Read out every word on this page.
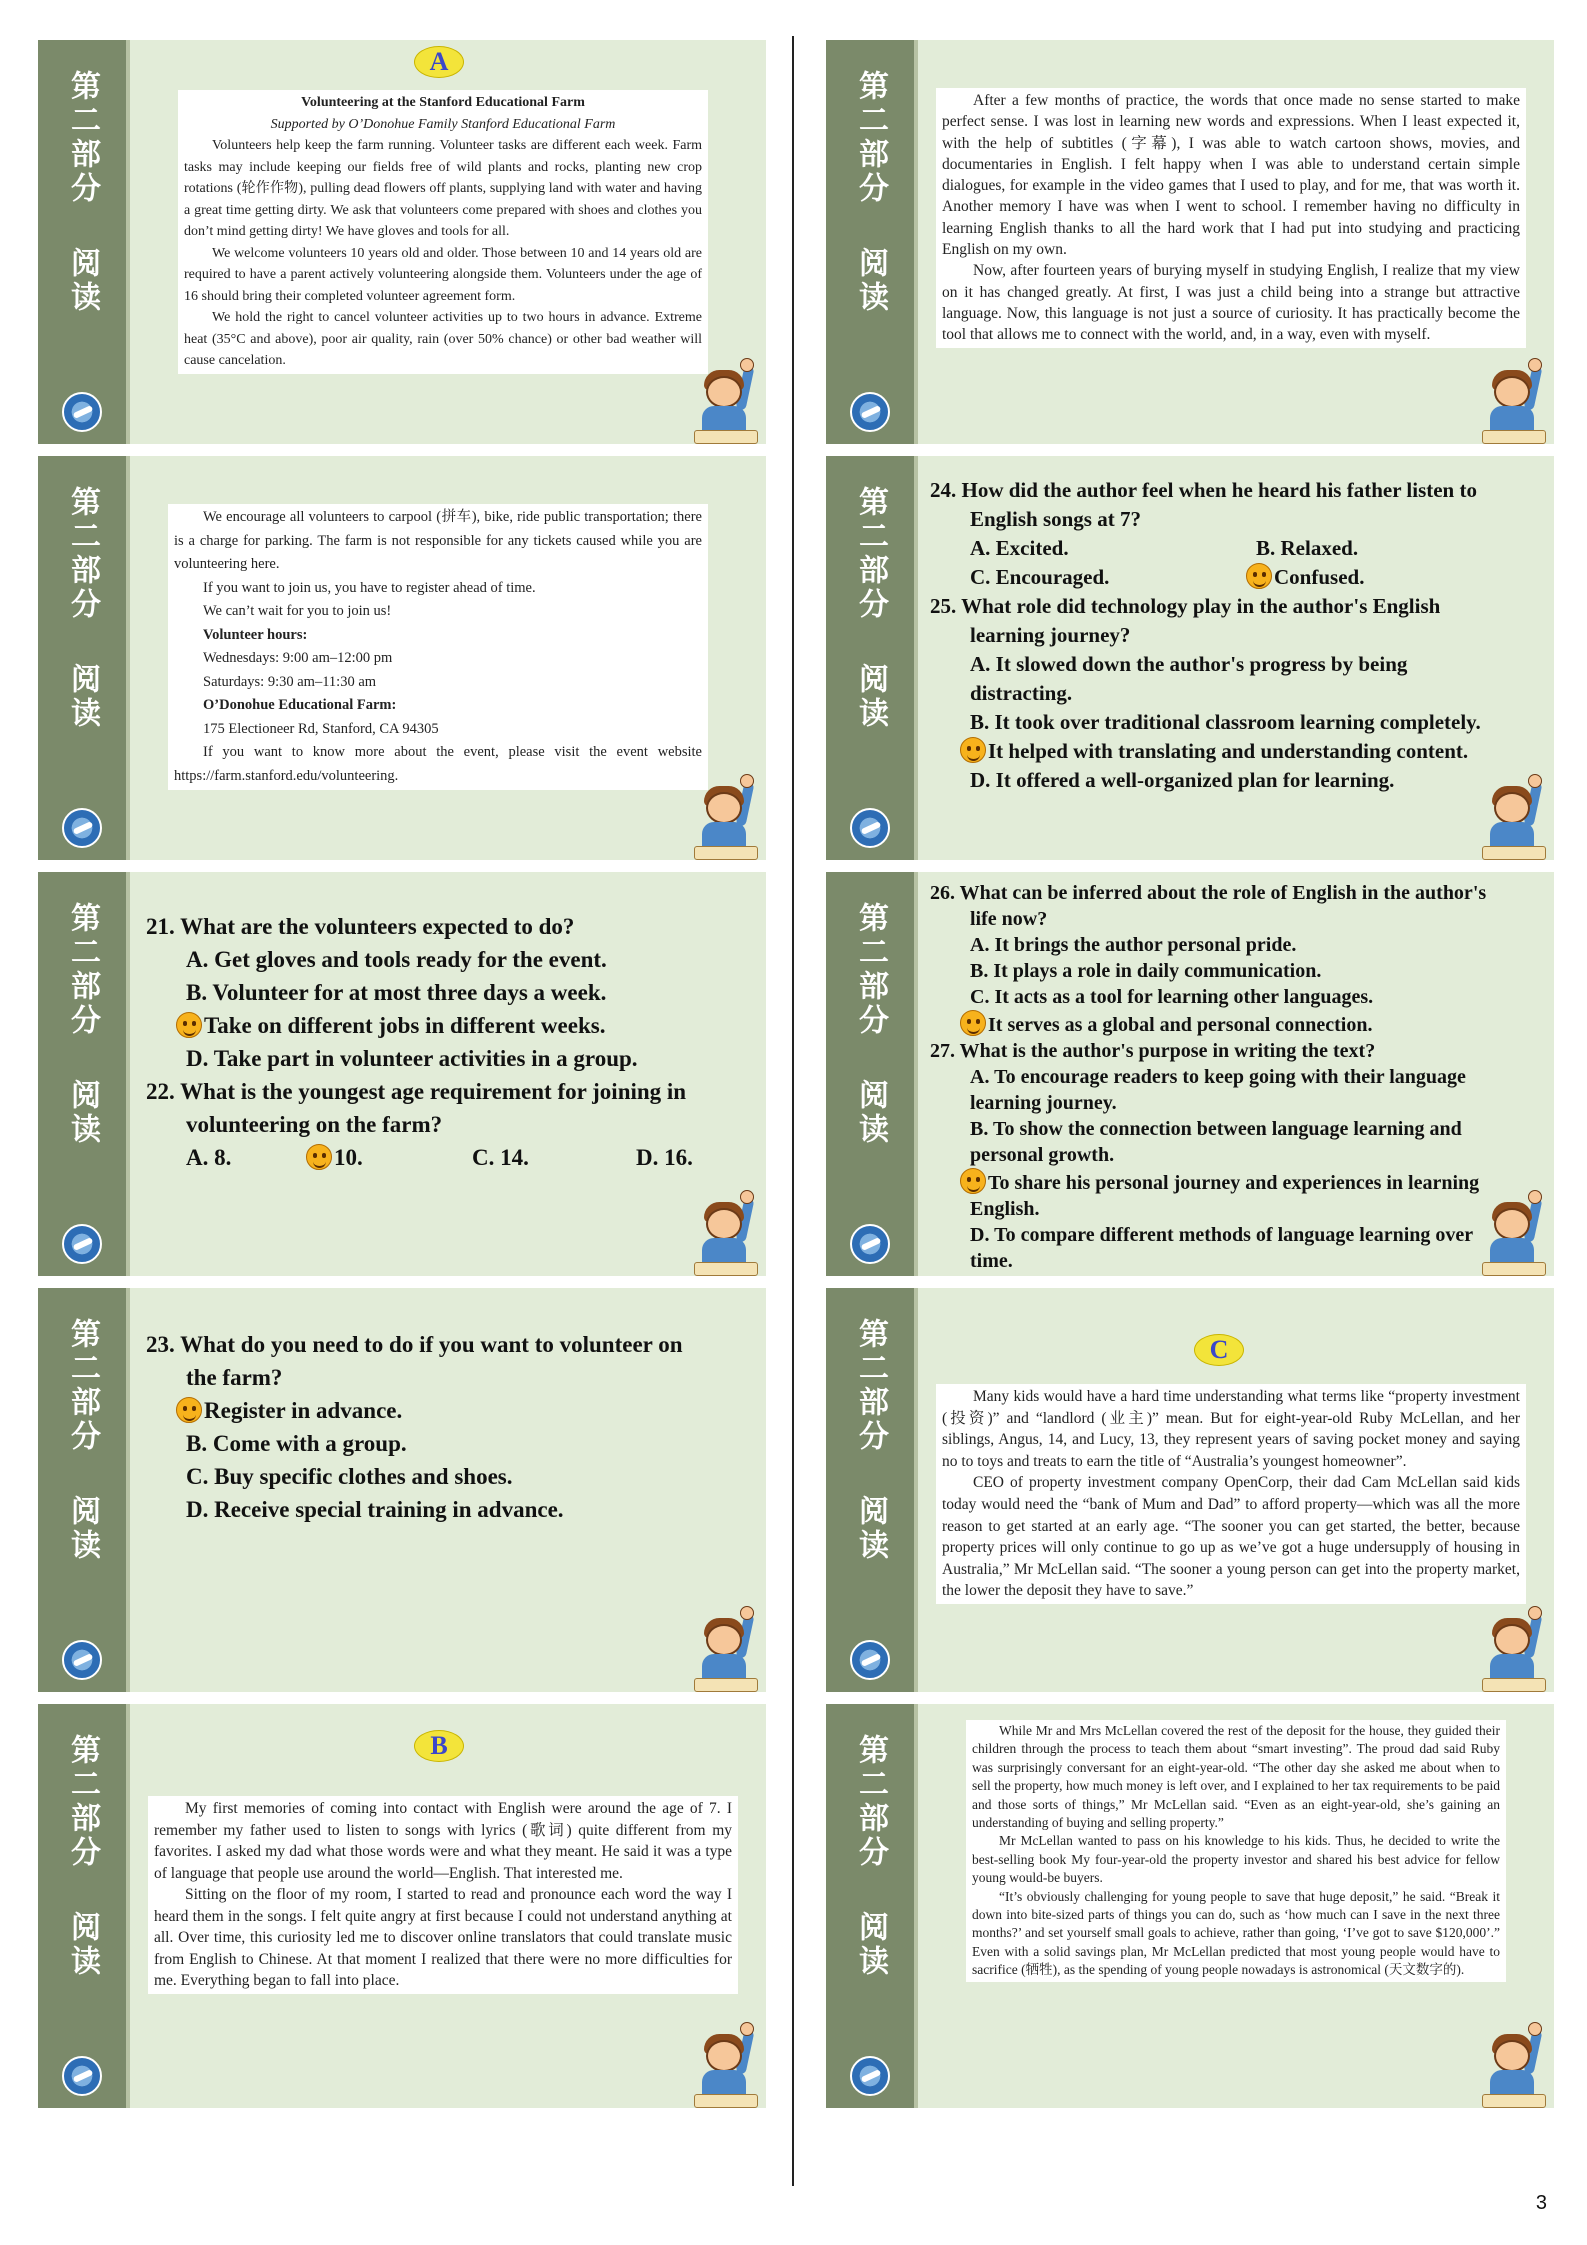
第二部分
阅读
A

Volunteering at the Stanford Educational Farm

Supported by O’Donohue Family Stanford Educational Farm

Volunteers help keep the farm running. Volunteer tasks are different each week. Farm tasks may include keeping our fields free of wild plants and rocks, planting new crop rotations (轮作作物), pulling dead flowers off plants, supplying land with water and having a great time getting dirty. We ask that volunteers come prepared with shoes and clothes you don’t mind getting dirty! We have gloves and tools for all.

We welcome volunteers 10 years old and older. Those between 10 and 14 years old are required to have a parent actively volunteering alongside them. Volunteers under the age of 16 should bring their completed volunteer agreement form.

We hold the right to cancel volunteer activities up to two hours in advance. Extreme heat (35°C and above), poor air quality, rain (over 50% chance) or other bad weather will cause cancelation.

第二部分
阅读

We encourage all volunteers to carpool (拼车), bike, ride public transportation; there is a charge for parking. The farm is not responsible for any tickets caused while you are volunteering here.

If you want to join us, you have to register ahead of time.

We can’t wait for you to join us!

Volunteer hours:

Wednesdays: 9:00 am–12:00 pm

Saturdays: 9:30 am–11:30 am

O’Donohue Educational Farm:

175 Electioneer Rd, Stanford, CA 94305

If you want to know more about the event, please visit the event website https://farm.stanford.edu/volunteering.

第二部分
阅读
21. What are the volunteers expected to do?
A. Get gloves and tools ready for the event.
B. Volunteer for at most three days a week.
Take on different jobs in different weeks.
D. Take part in volunteer activities in a group.
22. What is the youngest age requirement for joining in volunteering on the farm?
A. 8.	10.	C. 14.	D. 16.
第二部分
阅读
23. What do you need to do if you want to volunteer on the farm?
Register in advance.
B. Come with a group.
C. Buy specific clothes and shoes.
D. Receive special training in advance.
第二部分
阅读
B

My first memories of coming into contact with English were around the age of 7. I remember my father used to listen to songs with lyrics (歌词) quite different from my favorites. I asked my dad what those words were and what they meant. He said it was a type of language that people use around the world—English. That interested me.

Sitting on the floor of my room, I started to read and pronounce each word the way I heard them in the songs. I felt quite angry at first because I could not understand anything at all. Over time, this curiosity led me to discover online translators that could translate music from English to Chinese. At that moment I realized that there were no more difficulties for me. Everything began to fall into place.

第二部分
阅读

After a few months of practice, the words that once made no sense started to make perfect sense. I was lost in learning new words and expressions. When I least expected it, with the help of subtitles (字幕), I was able to watch cartoon shows, movies, and documentaries in English. I felt happy when I was able to understand certain simple dialogues, for example in the video games that I used to play, and for me, that was worth it. Another memory I have was when I went to school. I remember having no difficulty in learning English thanks to all the hard work that I had put into studying and practicing English on my own.

Now, after fourteen years of burying myself in studying English, I realize that my view on it has changed greatly. At first, I was just a child being into a strange but attractive language. Now, this language is not just a source of curiosity. It has practically become the tool that allows me to connect with the world, and, in a way, even with myself.

第二部分
阅读
24. How did the author feel when he heard his father listen to English songs at 7?
A. Excited.	B. Relaxed.
C. Encouraged.	Confused.
25. What role did technology play in the author's English learning journey?
A. It slowed down the author's progress by being distracting.
B. It took over traditional classroom learning completely.
It helped with translating and understanding content.
D. It offered a well-organized plan for learning.
第二部分
阅读
26. What can be inferred about the role of English in the author's life now?
A. It brings the author personal pride.
B. It plays a role in daily communication.
C. It acts as a tool for learning other languages.
It serves as a global and personal connection.
27. What is the author's purpose in writing the text?
A. To encourage readers to keep going with their language learning journey.
B. To show the connection between language learning and personal growth.
To share his personal journey and experiences in learning English.
D. To compare different methods of language learning over time.
第二部分
阅读
C

Many kids would have a hard time understanding what terms like “property investment (投资)” and “landlord (业主)” mean. But for eight-year-old Ruby McLellan, and her siblings, Angus, 14, and Lucy, 13, they represent years of saving pocket money and saying no to toys and treats to earn the title of “Australia’s youngest homeowner”.

CEO of property investment company OpenCorp, their dad Cam McLellan said kids today would need the “bank of Mum and Dad” to afford property—which was all the more reason to get started at an early age. “The sooner you can get started, the better, because property prices will only continue to go up as we’ve got a huge undersupply of housing in Australia,” Mr McLellan said. “The sooner a young person can get into the property market, the lower the deposit they have to save.”

第二部分
阅读

While Mr and Mrs McLellan covered the rest of the deposit for the house, they guided their children through the process to teach them about “smart investing”. The proud dad said Ruby was surprisingly conversant for an eight-year-old. “The other day she asked me about when to sell the property, how much money is left over, and I explained to her tax requirements to be paid and those sorts of things,” Mr McLellan said. “Even as an eight-year-old, she’s gaining an understanding of buying and selling property.”

Mr McLellan wanted to pass on his knowledge to his kids. Thus, he decided to write the best-selling book My four-year-old the property investor and shared his best advice for fellow young would-be buyers.

“It’s obviously challenging for young people to save that huge deposit,” he said. “Break it down into bite-sized parts of things you can do, such as ‘how much can I save in the next three months?’ and set yourself small goals to achieve, rather than going, ‘I’ve got to save $120,000’.” Even with a solid savings plan, Mr McLellan predicted that most young people would have to sacrifice (牺牲), as the spending of young people nowadays is astronomical (天文数字的).

3
